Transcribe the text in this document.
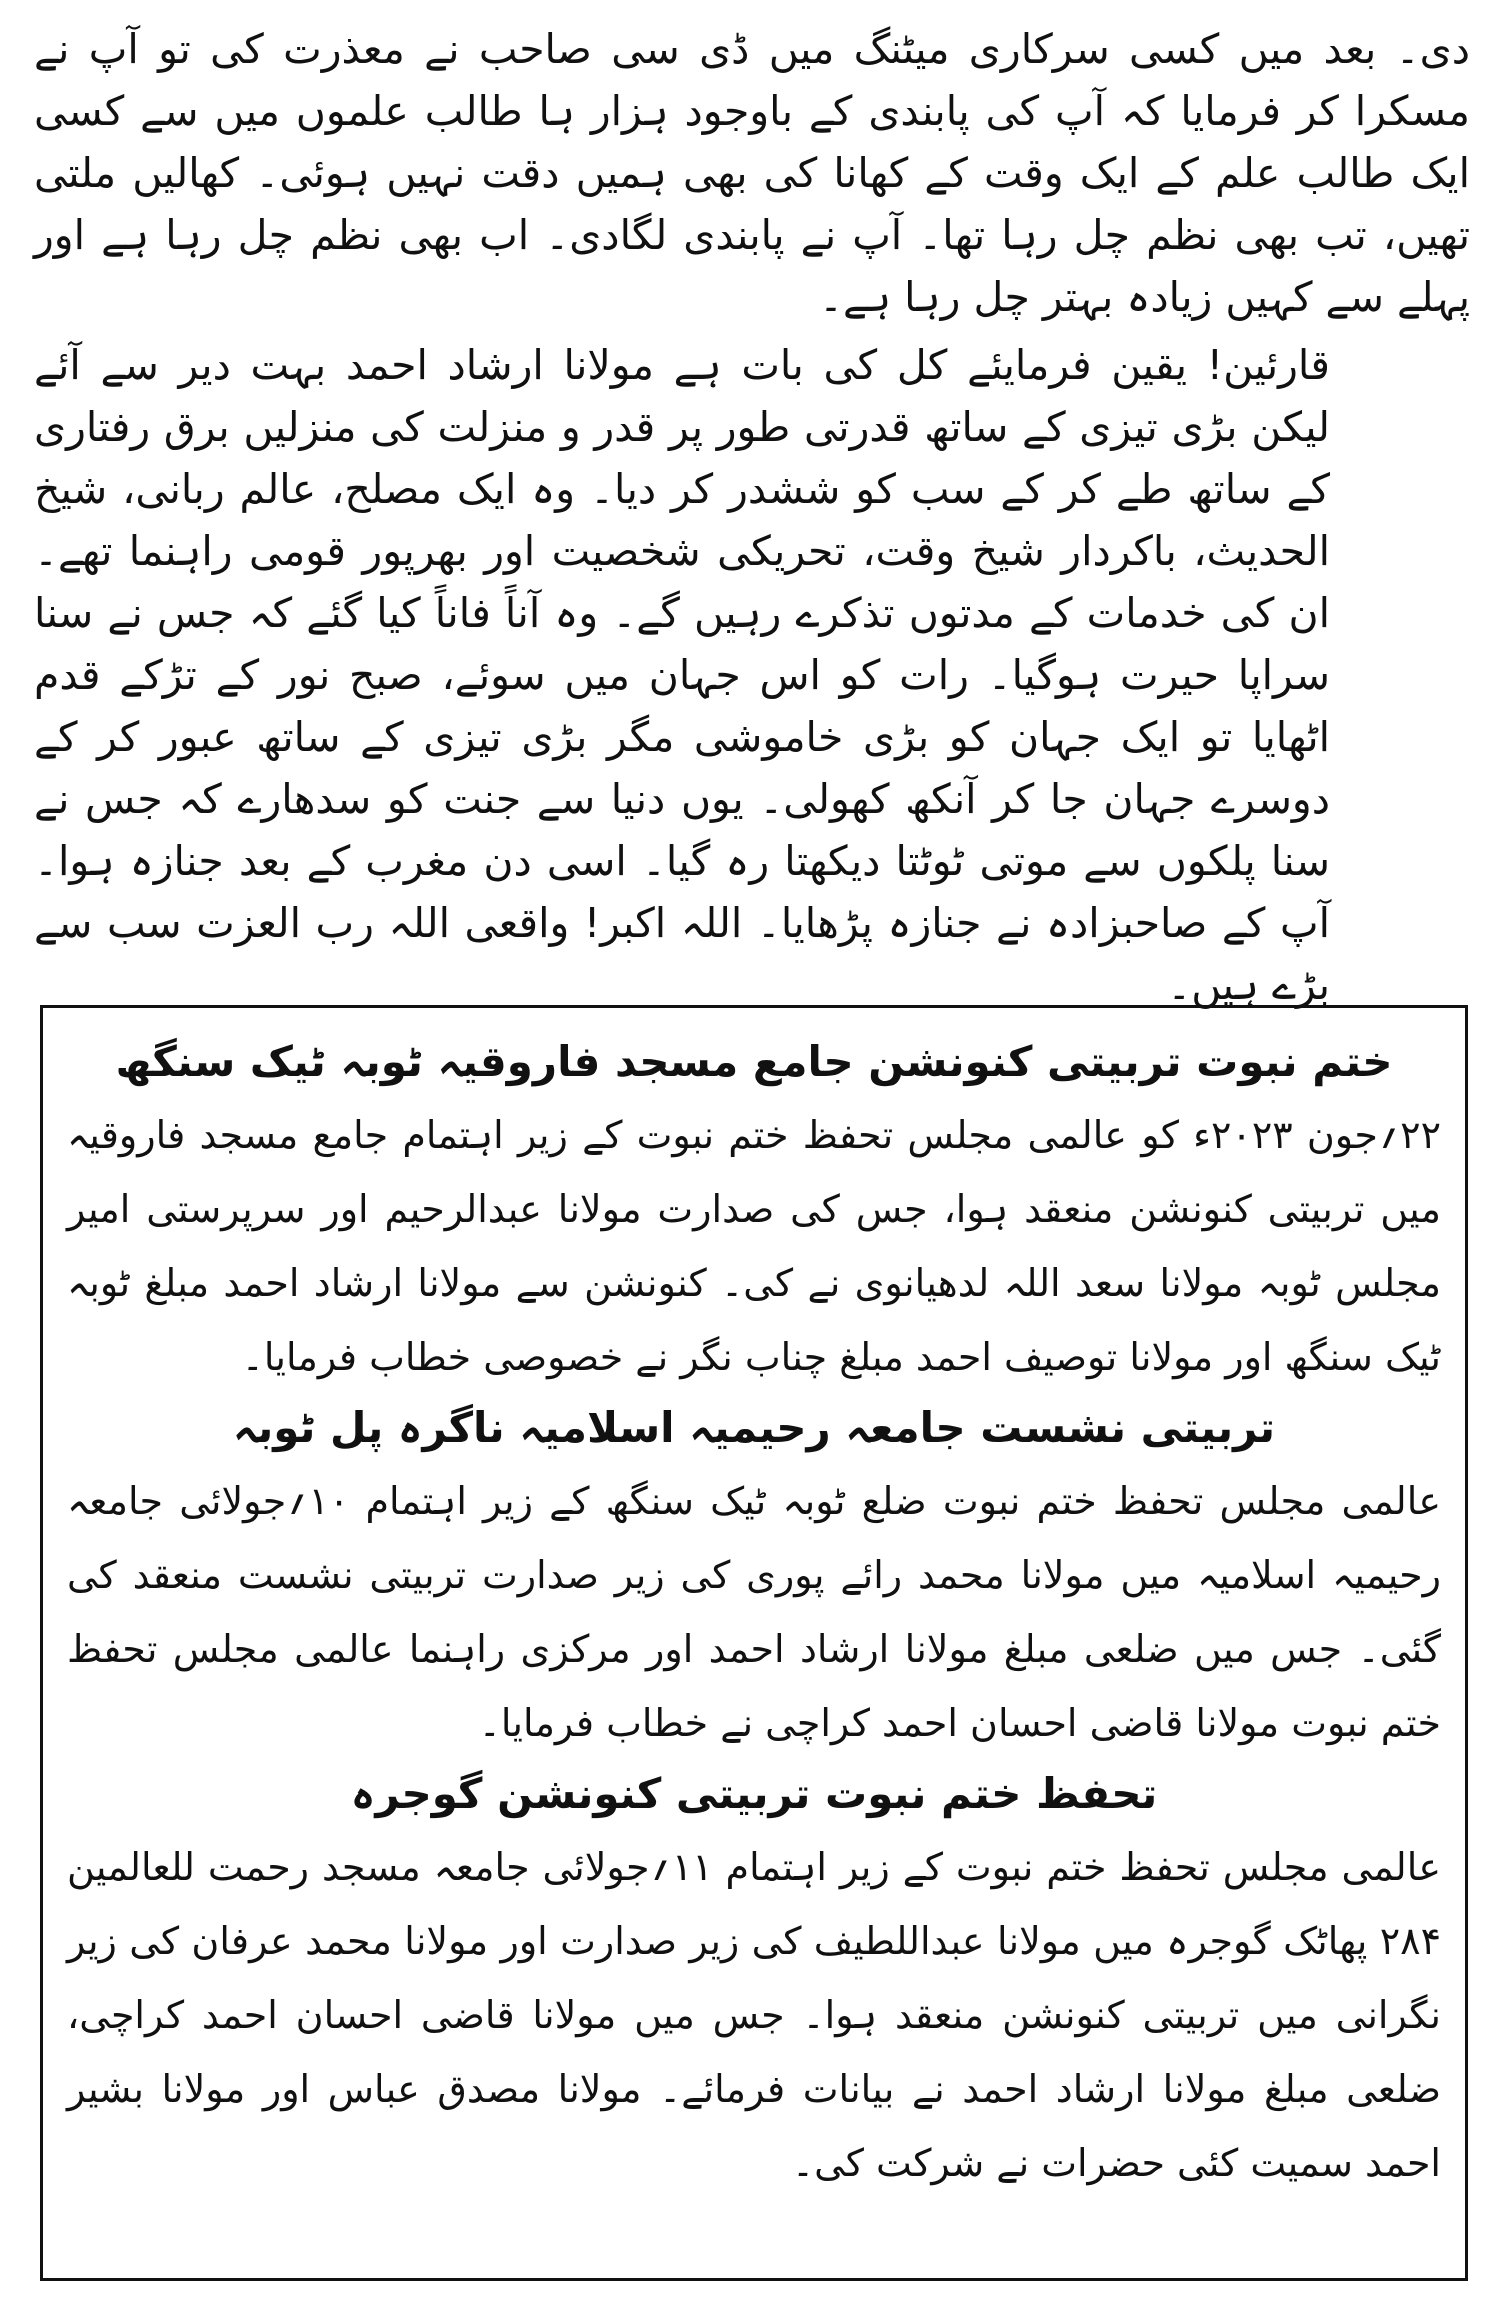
دی۔ بعد میں کسی سرکاری میٹنگ میں ڈی سی صاحب نے معذرت کی تو آپ نے مسکرا کر فرمایا کہ آپ کی پابندی کے باوجود ہزار ہا طالب علموں میں سے کسی ایک طالب علم کے ایک وقت کے کھانا کی بھی ہمیں دقت نہیں ہوئی۔ کھالیں ملتی تھیں، تب بھی نظم چل رہا تھا۔ آپ نے پابندی لگادی۔ اب بھی نظم چل رہا ہے اور پہلے سے کہیں زیادہ بہتر چل رہا ہے۔

قارئین! یقین فرمایئے کل کی بات ہے مولانا ارشاد احمد بہت دیر سے آئے لیکن بڑی تیزی کے ساتھ قدرتی طور پر قدر و منزلت کی منزلیں برق رفتاری کے ساتھ طے کر کے سب کو ششدر کر دیا۔ وہ ایک مصلح، عالم ربانی، شیخ الحدیث، باکردار شیخ وقت، تحریکی شخصیت اور بھرپور قومی راہنما تھے۔ ان کی خدمات کے مدتوں تذکرے رہیں گے۔ وہ آناً فاناً کیا گئے کہ جس نے سنا سراپا حیرت ہوگیا۔ رات کو اس جہان میں سوئے، صبح نور کے تڑکے قدم اٹھایا تو ایک جہان کو بڑی خاموشی مگر بڑی تیزی کے ساتھ عبور کر کے دوسرے جہان جا کر آنکھ کھولی۔ یوں دنیا سے جنت کو سدھارے کہ جس نے سنا پلکوں سے موتی ٹوٹتا دیکھتا رہ گیا۔ اسی دن مغرب کے بعد جنازہ ہوا۔ آپ کے صاحبزادہ نے جنازہ پڑھایا۔ اللہ اکبر! واقعی اللہ رب العزت سب سے بڑے ہیں۔

ختم نبوت تربیتی کنونشن جامع مسجد فاروقیہ ٹوبہ ٹیک سنگھ

۲۲؍جون ۲۰۲۳ء کو عالمی مجلس تحفظ ختم نبوت کے زیر اہتمام جامع مسجد فاروقیہ میں تربیتی کنونشن منعقد ہوا، جس کی صدارت مولانا عبدالرحیم اور سرپرستی امیر مجلس ٹوبہ مولانا سعد اللہ لدھیانوی نے کی۔ کنونشن سے مولانا ارشاد احمد مبلغ ٹوبہ ٹیک سنگھ اور مولانا توصیف احمد مبلغ چناب نگر نے خصوصی خطاب فرمایا۔

تربیتی نشست جامعہ رحیمیہ اسلامیہ ناگرہ پل ٹوبہ

عالمی مجلس تحفظ ختم نبوت ضلع ٹوبہ ٹیک سنگھ کے زیر اہتمام ۱۰؍جولائی جامعہ رحیمیہ اسلامیہ میں مولانا محمد رائے پوری کی زیر صدارت تربیتی نشست منعقد کی گئی۔ جس میں ضلعی مبلغ مولانا ارشاد احمد اور مرکزی راہنما عالمی مجلس تحفظ ختم نبوت مولانا قاضی احسان احمد کراچی نے خطاب فرمایا۔

تحفظ ختم نبوت تربیتی کنونشن گوجرہ

عالمی مجلس تحفظ ختم نبوت کے زیر اہتمام ۱۱؍جولائی جامعہ مسجد رحمت للعالمین ۲۸۴ پھاٹک گوجرہ میں مولانا عبداللطیف کی زیر صدارت اور مولانا محمد عرفان کی زیر نگرانی میں تربیتی کنونشن منعقد ہوا۔ جس میں مولانا قاضی احسان احمد کراچی، ضلعی مبلغ مولانا ارشاد احمد نے بیانات فرمائے۔ مولانا مصدق عباس اور مولانا بشیر احمد سمیت کئی حضرات نے شرکت کی۔
